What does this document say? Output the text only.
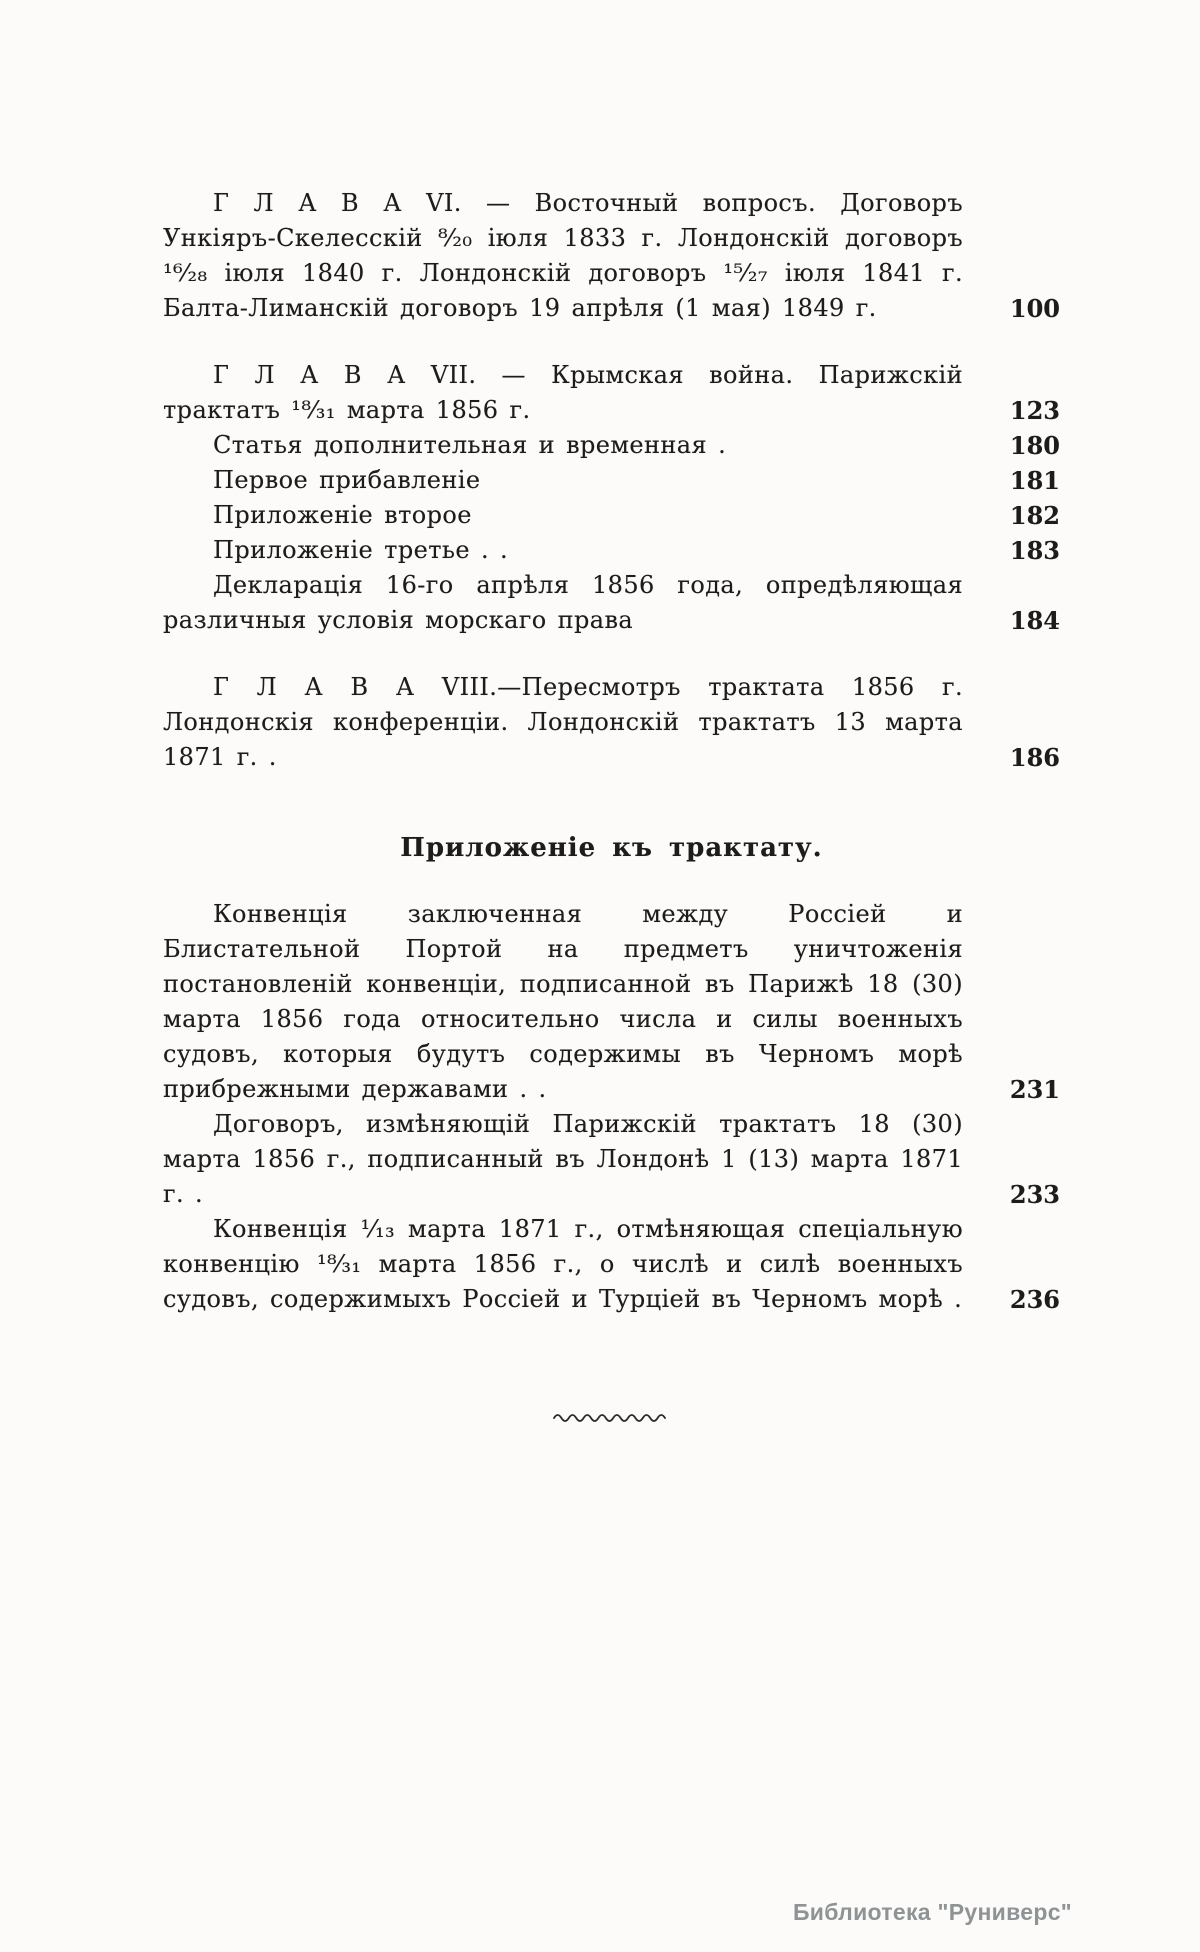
Г Л А В А VI. — Восточный вопросъ. Договоръ Ункіяръ-Скелесскій ⁸⁄₂₀ іюля 1833 г. Лондонскій договоръ ¹⁶⁄₂₈ іюля 1840 г. Лондонскій договоръ ¹⁵⁄₂₇ іюля 1841 г. Балта-Лиманскій договоръ 19 апрѣля (1 мая) 1849 г.	100

Г Л А В А VII. — Крымская война. Парижскій трактатъ ¹⁸⁄₃₁ марта 1856 г.	123

Статья дополнительная и временная .	180

Первое прибавленіе	181

Приложеніе второе	182

Приложеніе третье . .	183

Декларація 16-го апрѣля 1856 года, опредѣляющая различныя условія морскаго права	184

Г Л А В А VIII.—Пересмотръ трактата 1856 г. Лондонскія конференціи. Лондонскій трактатъ 13 марта 1871 г. .	186
Приложеніе къ трактату.

Конвенція заключенная между Россіей и Блистательной Портой на предметъ уничтоженія постановленій конвенціи, подписанной въ Парижѣ 18 (30) марта 1856 года относительно числа и силы военныхъ судовъ, которыя будутъ содержимы въ Черномъ морѣ прибрежными державами . .	231

Договоръ, измѣняющій Парижскій трактатъ 18 (30) марта 1856 г., подписанный въ Лондонѣ 1 (13) марта 1871 г. .	233

Конвенція ¹⁄₁₃ марта 1871 г., отмѣняющая спеціальную конвенцію ¹⁸⁄₃₁ марта 1856 г., о числѣ и силѣ военныхъ судовъ, содержимыхъ Россіей и Турціей въ Черномъ морѣ .	236
Библиотека "Руниверс"
